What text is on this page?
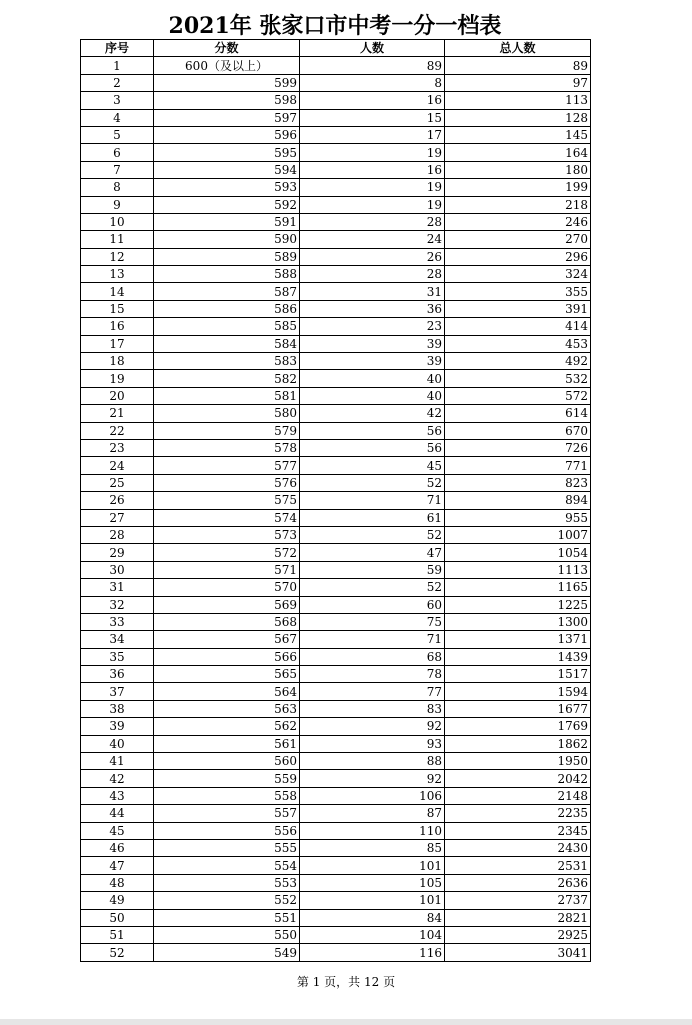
2021年 张家口市中考一分一档表
序号	分数	人数	总人数
1	600（及以上）	89	89
2	599	8	97
3	598	16	113
4	597	15	128
5	596	17	145
6	595	19	164
7	594	16	180
8	593	19	199
9	592	19	218
10	591	28	246
11	590	24	270
12	589	26	296
13	588	28	324
14	587	31	355
15	586	36	391
16	585	23	414
17	584	39	453
18	583	39	492
19	582	40	532
20	581	40	572
21	580	42	614
22	579	56	670
23	578	56	726
24	577	45	771
25	576	52	823
26	575	71	894
27	574	61	955
28	573	52	1007
29	572	47	1054
30	571	59	1113
31	570	52	1165
32	569	60	1225
33	568	75	1300
34	567	71	1371
35	566	68	1439
36	565	78	1517
37	564	77	1594
38	563	83	1677
39	562	92	1769
40	561	93	1862
41	560	88	1950
42	559	92	2042
43	558	106	2148
44	557	87	2235
45	556	110	2345
46	555	85	2430
47	554	101	2531
48	553	105	2636
49	552	101	2737
50	551	84	2821
51	550	104	2925
52	549	116	3041
第 1 页，共 12 页
